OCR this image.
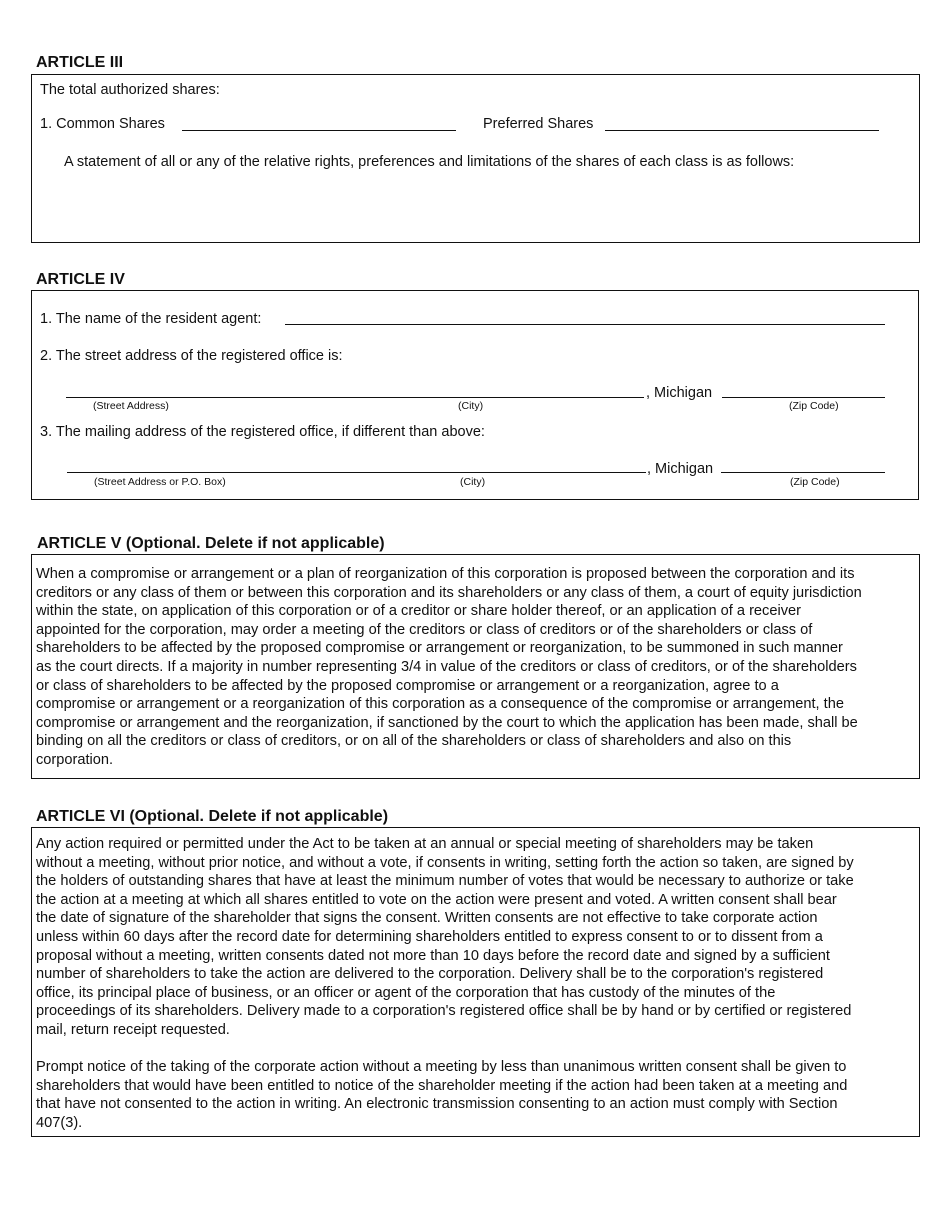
ARTICLE III
The total authorized shares:
1. Common Shares	Preferred Shares
A statement of all or any of the relative rights, preferences and limitations of the shares of each class is as follows:
ARTICLE IV
1. The name of the resident agent:
2. The street address of the registered office is:
, Michigan
(Street Address)	(City)	(Zip Code)
3. The mailing address of the registered office, if different than above:
, Michigan
(Street Address or P.O. Box)	(City)	(Zip Code)
ARTICLE V (Optional. Delete if not applicable)
When a compromise or arrangement or a plan of reorganization of this corporation is proposed between the corporation and its
creditors or any class of them or between this corporation and its shareholders or any class of them, a court of equity jurisdiction
within the state, on application of this corporation or of a creditor or share holder thereof, or an application of a receiver
appointed for the corporation, may order a meeting of the creditors or class of creditors or of the shareholders or class of
shareholders to be affected by the proposed compromise or arrangement or reorganization, to be summoned in such manner
as the court directs. If a majority in number representing 3/4 in value of the creditors or class of creditors, or of the shareholders
or class of shareholders to be affected by the proposed compromise or arrangement or a reorganization, agree to a
compromise or arrangement or a reorganization of this corporation as a consequence of the compromise or arrangement, the
compromise or arrangement and the reorganization, if sanctioned by the court to which the application has been made, shall be
binding on all the creditors or class of creditors, or on all of the shareholders or class of shareholders and also on this
corporation.
ARTICLE VI (Optional. Delete if not applicable)
Any action required or permitted under the Act to be taken at an annual or special meeting of shareholders may be taken
without a meeting, without prior notice, and without a vote, if consents in writing, setting forth the action so taken, are signed by
the holders of outstanding shares that have at least the minimum number of votes that would be necessary to authorize or take
the action at a meeting at which all shares entitled to vote on the action were present and voted. A written consent shall bear
the date of signature of the shareholder that signs the consent. Written consents are not effective to take corporate action
unless within 60 days after the record date for determining shareholders entitled to express consent to or to dissent from a
proposal without a meeting, written consents dated not more than 10 days before the record date and signed by a sufficient
number of shareholders to take the action are delivered to the corporation. Delivery shall be to the corporation's registered
office, its principal place of business, or an officer or agent of the corporation that has custody of the minutes of the
proceedings of its shareholders. Delivery made to a corporation's registered office shall be by hand or by certified or registered
mail, return receipt requested.
Prompt notice of the taking of the corporate action without a meeting by less than unanimous written consent shall be given to
shareholders that would have been entitled to notice of the shareholder meeting if the action had been taken at a meeting and
that have not consented to the action in writing. An electronic transmission consenting to an action must comply with Section
407(3).
